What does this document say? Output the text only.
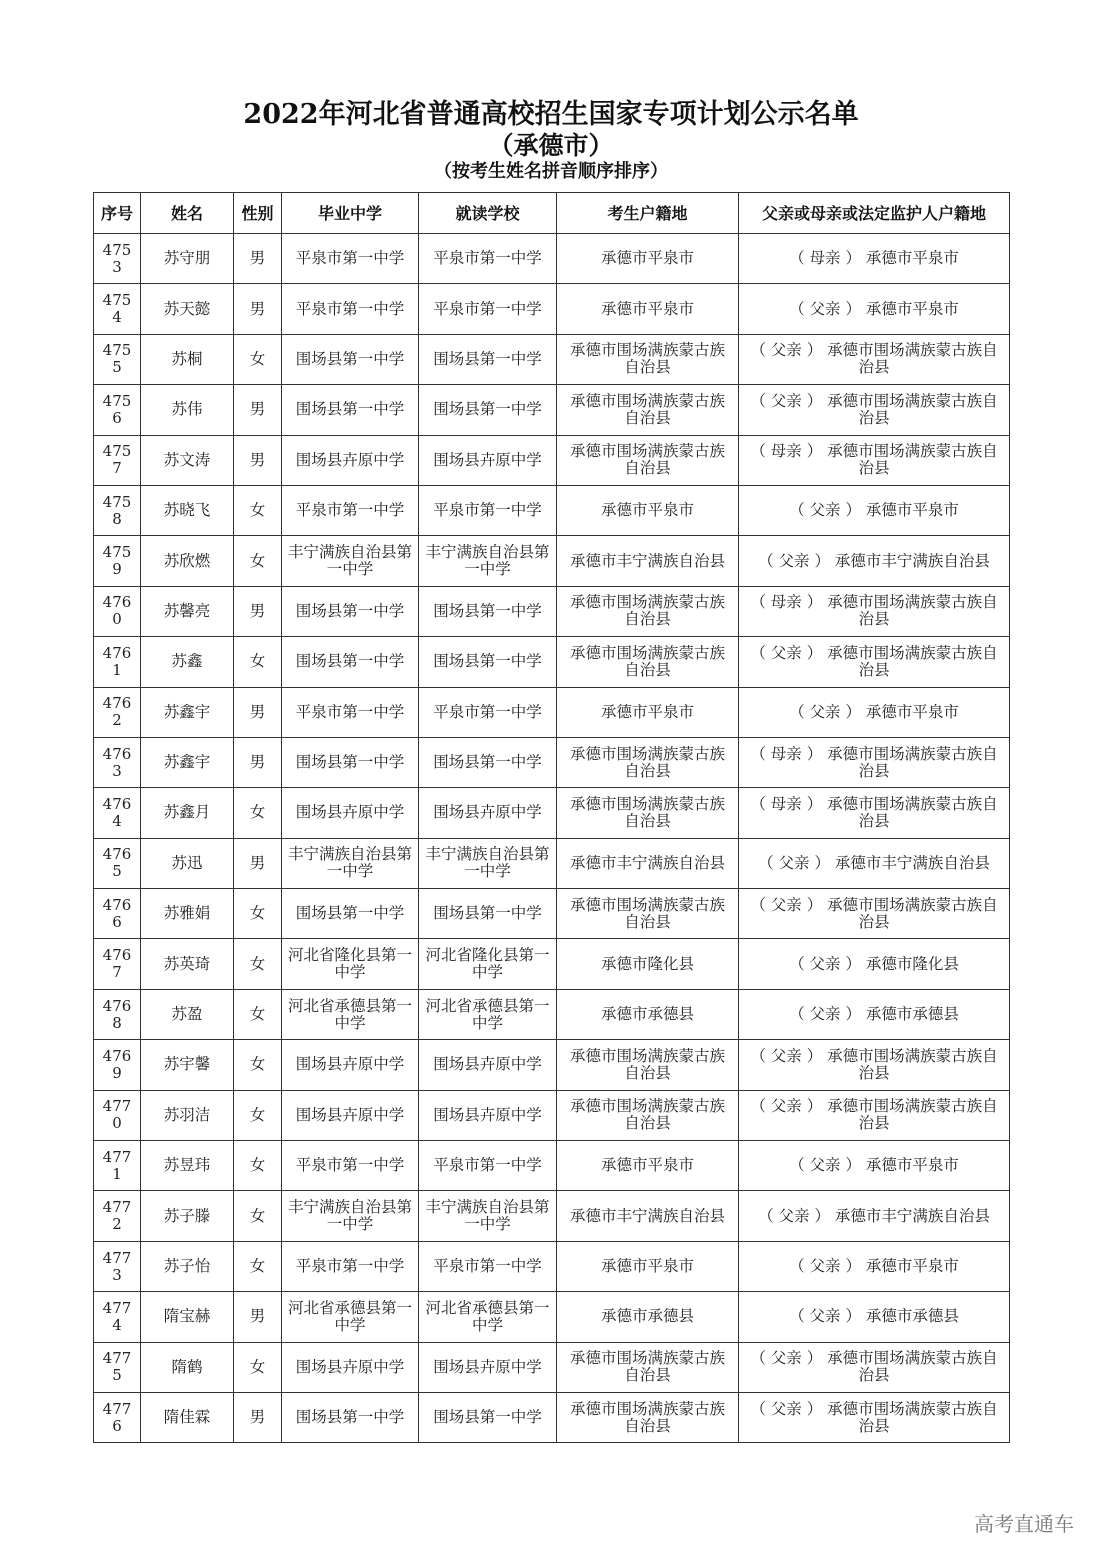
2022年河北省普通高校招生国家专项计划公示名单
（承德市）
（按考生姓名拼音顺序排序）
序号	姓名	性别	毕业中学	就读学校	考生户籍地	父亲或母亲或法定监护人户籍地
4753	苏守朋	男	平泉市第一中学	平泉市第一中学	承德市平泉市	（ 母亲 ） 承德市平泉市
4754	苏天懿	男	平泉市第一中学	平泉市第一中学	承德市平泉市	（ 父亲 ） 承德市平泉市
4755	苏桐	女	围场县第一中学	围场县第一中学	承德市围场满族蒙古族自治县	（ 父亲 ） 承德市围场满族蒙古族自治县
4756	苏伟	男	围场县第一中学	围场县第一中学	承德市围场满族蒙古族自治县	（ 父亲 ） 承德市围场满族蒙古族自治县
4757	苏文涛	男	围场县卉原中学	围场县卉原中学	承德市围场满族蒙古族自治县	（ 母亲 ） 承德市围场满族蒙古族自治县
4758	苏晓飞	女	平泉市第一中学	平泉市第一中学	承德市平泉市	（ 父亲 ） 承德市平泉市
4759	苏欣燃	女	丰宁满族自治县第一中学	丰宁满族自治县第一中学	承德市丰宁满族自治县	（ 父亲 ） 承德市丰宁满族自治县
4760	苏馨亮	男	围场县第一中学	围场县第一中学	承德市围场满族蒙古族自治县	（ 母亲 ） 承德市围场满族蒙古族自治县
4761	苏鑫	女	围场县第一中学	围场县第一中学	承德市围场满族蒙古族自治县	（ 父亲 ） 承德市围场满族蒙古族自治县
4762	苏鑫宇	男	平泉市第一中学	平泉市第一中学	承德市平泉市	（ 父亲 ） 承德市平泉市
4763	苏鑫宇	男	围场县第一中学	围场县第一中学	承德市围场满族蒙古族自治县	（ 母亲 ） 承德市围场满族蒙古族自治县
4764	苏鑫月	女	围场县卉原中学	围场县卉原中学	承德市围场满族蒙古族自治县	（ 母亲 ） 承德市围场满族蒙古族自治县
4765	苏迅	男	丰宁满族自治县第一中学	丰宁满族自治县第一中学	承德市丰宁满族自治县	（ 父亲 ） 承德市丰宁满族自治县
4766	苏雅娟	女	围场县第一中学	围场县第一中学	承德市围场满族蒙古族自治县	（ 父亲 ） 承德市围场满族蒙古族自治县
4767	苏英琦	女	河北省隆化县第一中学	河北省隆化县第一中学	承德市隆化县	（ 父亲 ） 承德市隆化县
4768	苏盈	女	河北省承德县第一中学	河北省承德县第一中学	承德市承德县	（ 父亲 ） 承德市承德县
4769	苏宇馨	女	围场县卉原中学	围场县卉原中学	承德市围场满族蒙古族自治县	（ 父亲 ） 承德市围场满族蒙古族自治县
4770	苏羽洁	女	围场县卉原中学	围场县卉原中学	承德市围场满族蒙古族自治县	（ 父亲 ） 承德市围场满族蒙古族自治县
4771	苏昱玮	女	平泉市第一中学	平泉市第一中学	承德市平泉市	（ 父亲 ） 承德市平泉市
4772	苏子滕	女	丰宁满族自治县第一中学	丰宁满族自治县第一中学	承德市丰宁满族自治县	（ 父亲 ） 承德市丰宁满族自治县
4773	苏子怡	女	平泉市第一中学	平泉市第一中学	承德市平泉市	（ 父亲 ） 承德市平泉市
4774	隋宝赫	男	河北省承德县第一中学	河北省承德县第一中学	承德市承德县	（ 父亲 ） 承德市承德县
4775	隋鹤	女	围场县卉原中学	围场县卉原中学	承德市围场满族蒙古族自治县	（ 父亲 ） 承德市围场满族蒙古族自治县
4776	隋佳霖	男	围场县第一中学	围场县第一中学	承德市围场满族蒙古族自治县	（ 父亲 ） 承德市围场满族蒙古族自治县
高考直通车
